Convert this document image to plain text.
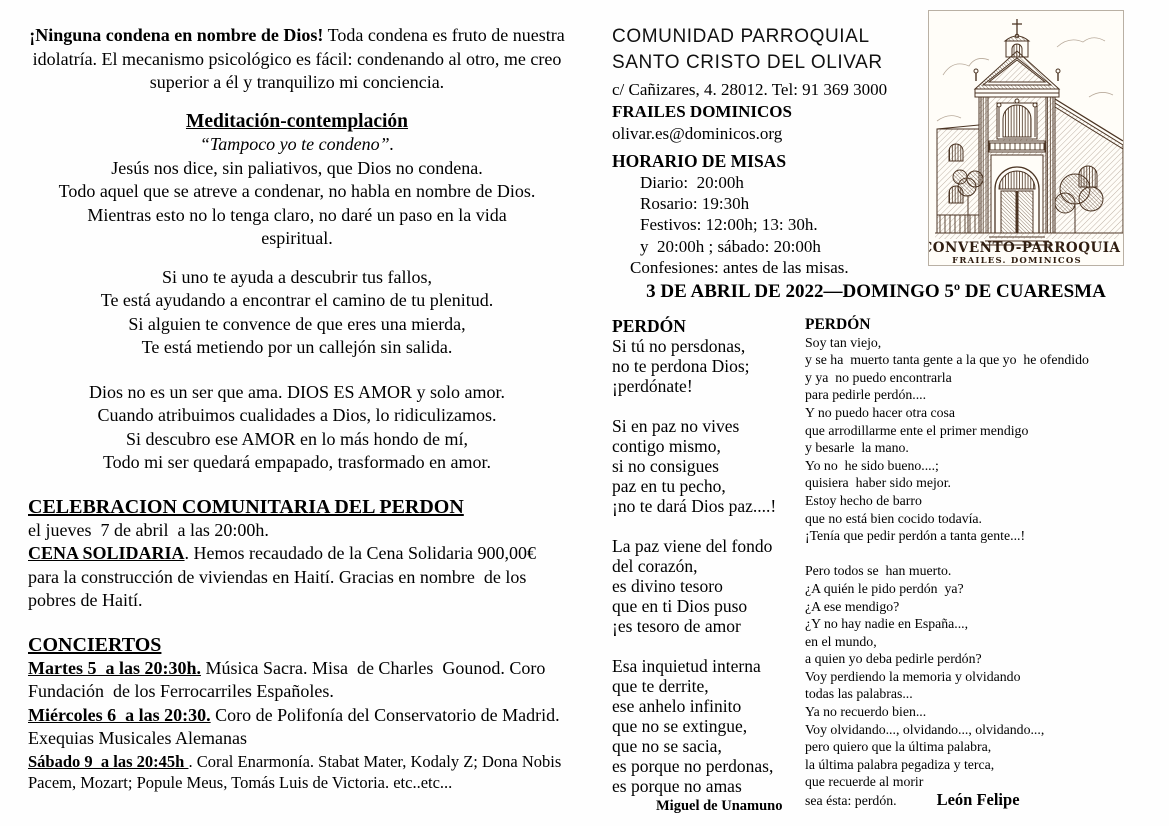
¡Ninguna condena en nombre de Dios! Toda condena es fruto de nuestra idolatría. El mecanismo psicológico es fácil: condenando al otro, me creo superior a él y tranquilizo mi conciencia.
Meditación-contemplación
“Tampoco yo te condeno”.
Jesús nos dice, sin paliativos, que Dios no condena.
Todo aquel que se atreve a condenar, no habla en nombre de Dios.
Mientras esto no lo tenga claro, no daré un paso en la vida
espiritual.
Si uno te ayuda a descubrir tus fallos,
Te está ayudando a encontrar el camino de tu plenitud.
Si alguien te convence de que eres una mierda,
Te está metiendo por un callejón sin salida.
Dios no es un ser que ama. DIOS ES AMOR y solo amor.
Cuando atribuimos cualidades a Dios, lo ridiculizamos.
Si descubro ese AMOR en lo más hondo de mí,
Todo mi ser quedará empapado, trasformado en amor.
CELEBRACION COMUNITARIA DEL PERDON
el jueves  7 de abril  a las 20:00h.
CENA SOLIDARIA. Hemos recaudado de la Cena Solidaria 900,00€ para la construcción de viviendas en Haití. Gracias en nombre  de los pobres de Haití.
CONCIERTOS
Martes 5  a las 20:30h. Música Sacra. Misa  de Charles  Gounod. Coro Fundación  de los Ferrocarriles Españoles.
Miércoles 6  a las 20:30. Coro de Polifonía del Conservatorio de Madrid. Exequias Musicales Alemanas
Sábado 9  a las 20:45h . Coral Enarmonía. Stabat Mater, Kodaly Z; Dona Nobis Pacem, Mozart; Popule Meus, Tomás Luis de Victoria. etc..etc...
COMUNIDAD PARROQUIAL
SANTO CRISTO DEL OLIVAR
c/ Cañizares, 4. 28012. Tel: 91 369 3000
FRAILES DOMINICOS
olivar.es@dominicos.org
HORARIO DE MISAS
Diario:  20:00h
Rosario: 19:30h
Festivos: 12:00h; 13: 30h.
y  20:00h ; sábado: 20:00h
Confesiones: antes de las misas.
3 DE ABRIL DE 2022—DOMINGO 5º DE CUARESMA
PERDÓN
Si tú no persdonas,
no te perdona Dios;
¡perdónate!

Si en paz no vives
contigo mismo,
si no consigues
paz en tu pecho,
¡no te dará Dios paz....!

La paz viene del fondo
del corazón,
es divino tesoro
que en ti Dios puso
¡es tesoro de amor

Esa inquietud interna
que te derrite,
ese anhelo infinito
que no se extingue,
que no se sacia,
es porque no perdonas,
es porque no amas
Miguel de Unamuno
PERDÓN
Soy tan viejo,
y se ha  muerto tanta gente a la que yo  he ofendido
y ya  no puedo encontrarla
para pedirle perdón....
Y no puedo hacer otra cosa
que arrodillarme ente el primer mendigo
y besarle  la mano.
Yo no  he sido bueno....;
quisiera  haber sido mejor.
Estoy hecho de barro
que no está bien cocido todavía.
¡Tenía que pedir perdón a tanta gente...!

Pero todos se  han muerto.
¿A quién le pido perdón  ya?
¿A ese mendigo?
¿Y no hay nadie en España...,
en el mundo,
a quien yo deba pedirle perdón?
Voy perdiendo la memoria y olvidando
todas las palabras...
Ya no recuerdo bien...
Voy olvidando..., olvidando..., olvidando...,
pero quiero que la última palabra,
la última palabra pegadiza y terca,
que recuerde al morir
sea ésta: perdón. León Felipe
CONVENTO-PARROQUIA
FRAILES. DOMINICOS
